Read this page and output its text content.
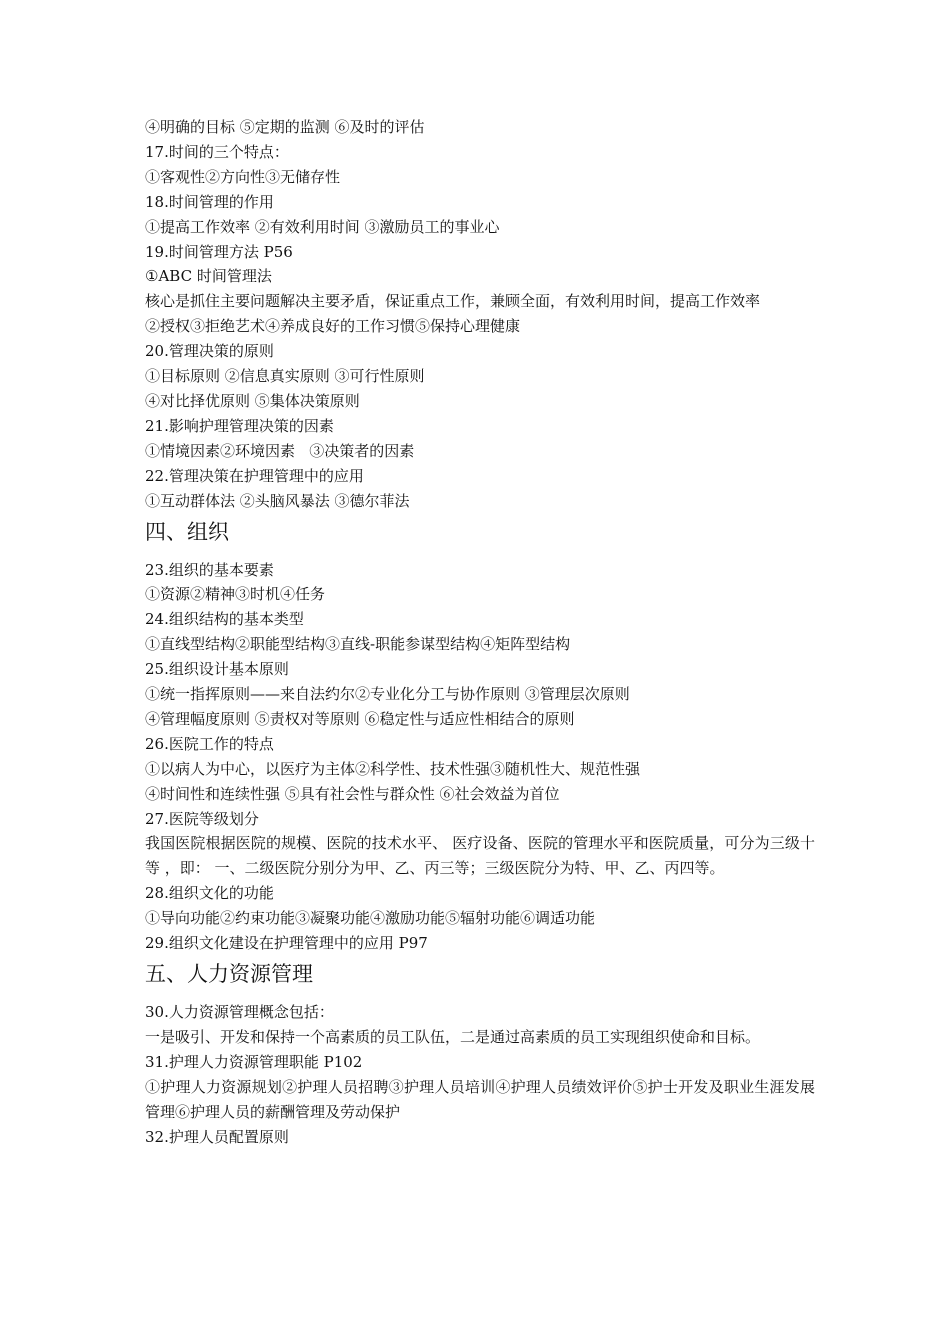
④明确的目标 ⑤定期的监测 ⑥及时的评估
17.时间的三个特点：
①客观性②方向性③无储存性
18.时间管理的作用
①提高工作效率 ②有效利用时间 ③激励员工的事业心
19.时间管理方法 P56
①ABC 时间管理法
核心是抓住主要问题解决主要矛盾，保证重点工作，兼顾全面，有效利用时间，提高工作效率
②授权③拒绝艺术④养成良好的工作习惯⑤保持心理健康
20.管理决策的原则
①目标原则 ②信息真实原则 ③可行性原则
④对比择优原则 ⑤集体决策原则
21.影响护理管理决策的因素
①情境因素②环境因素   ③决策者的因素
22.管理决策在护理管理中的应用
①互动群体法 ②头脑风暴法 ③德尔菲法
四、组织
23.组织的基本要素
①资源②精神③时机④任务
24.组织结构的基本类型
①直线型结构②职能型结构③直线-职能参谋型结构④矩阵型结构
25.组织设计基本原则
①统一指挥原则——来自法约尔②专业化分工与协作原则 ③管理层次原则
④管理幅度原则 ⑤责权对等原则 ⑥稳定性与适应性相结合的原则
26.医院工作的特点
①以病人为中心，以医疗为主体②科学性、技术性强③随机性大、规范性强
④时间性和连续性强 ⑤具有社会性与群众性 ⑥社会效益为首位
27.医院等级划分
我国医院根据医院的规模、医院的技术水平、 医疗设备、医院的管理水平和医院质量，可分为三级十等 ，即： 一、二级医院分别分为甲、乙、丙三等；三级医院分为特、甲、乙、丙四等。
28.组织文化的功能
①导向功能②约束功能③凝聚功能④激励功能⑤辐射功能⑥调适功能
29.组织文化建设在护理管理中的应用 P97
五、人力资源管理
30.人力资源管理概念包括：
一是吸引、开发和保持一个高素质的员工队伍，二是通过高素质的员工实现组织使命和目标。
31.护理人力资源管理职能 P102
①护理人力资源规划②护理人员招聘③护理人员培训④护理人员绩效评价⑤护士开发及职业生涯发展管理⑥护理人员的薪酬管理及劳动保护
32.护理人员配置原则
